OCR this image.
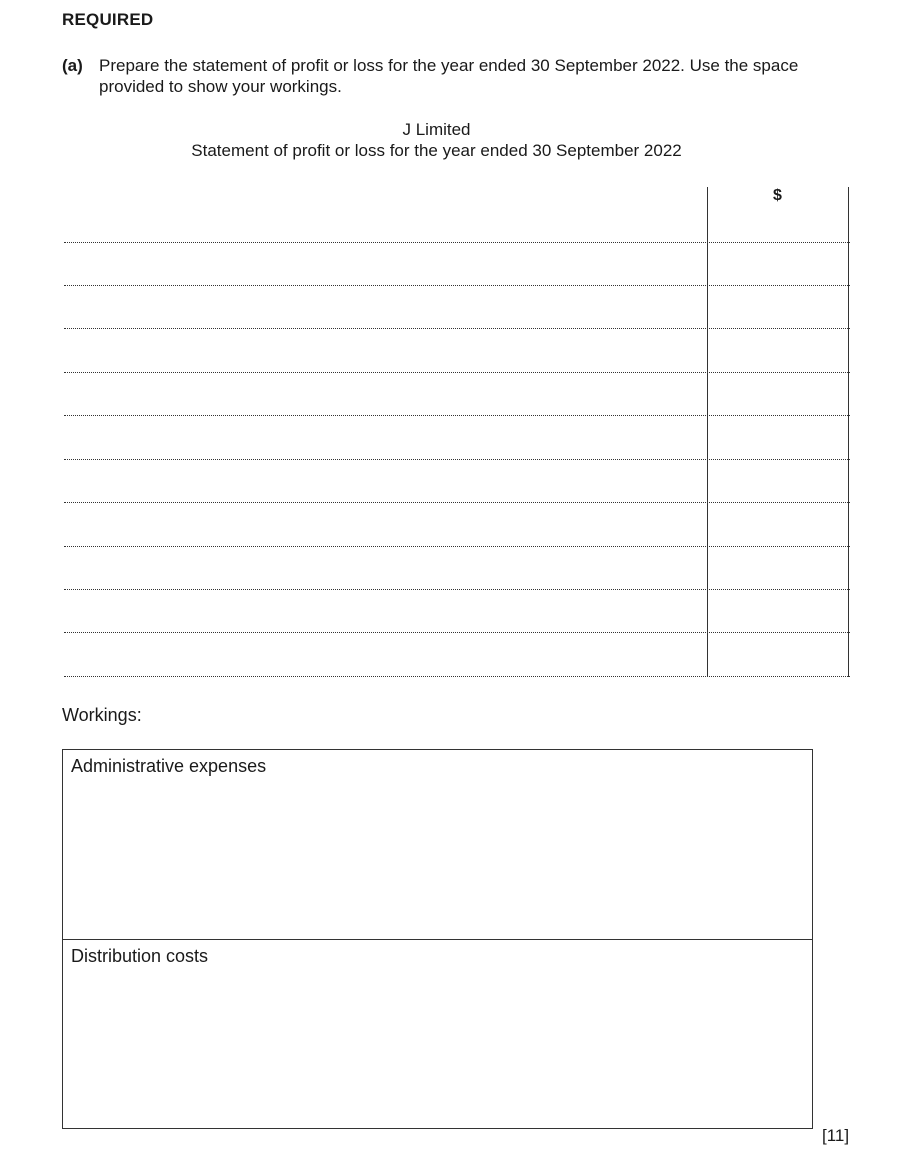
REQUIRED
(a) Prepare the statement of profit or loss for the year ended 30 September 2022. Use the space provided to show your workings.
J Limited
Statement of profit or loss for the year ended 30 September 2022
$
Workings:
Administrative expenses
Distribution costs
[11]
